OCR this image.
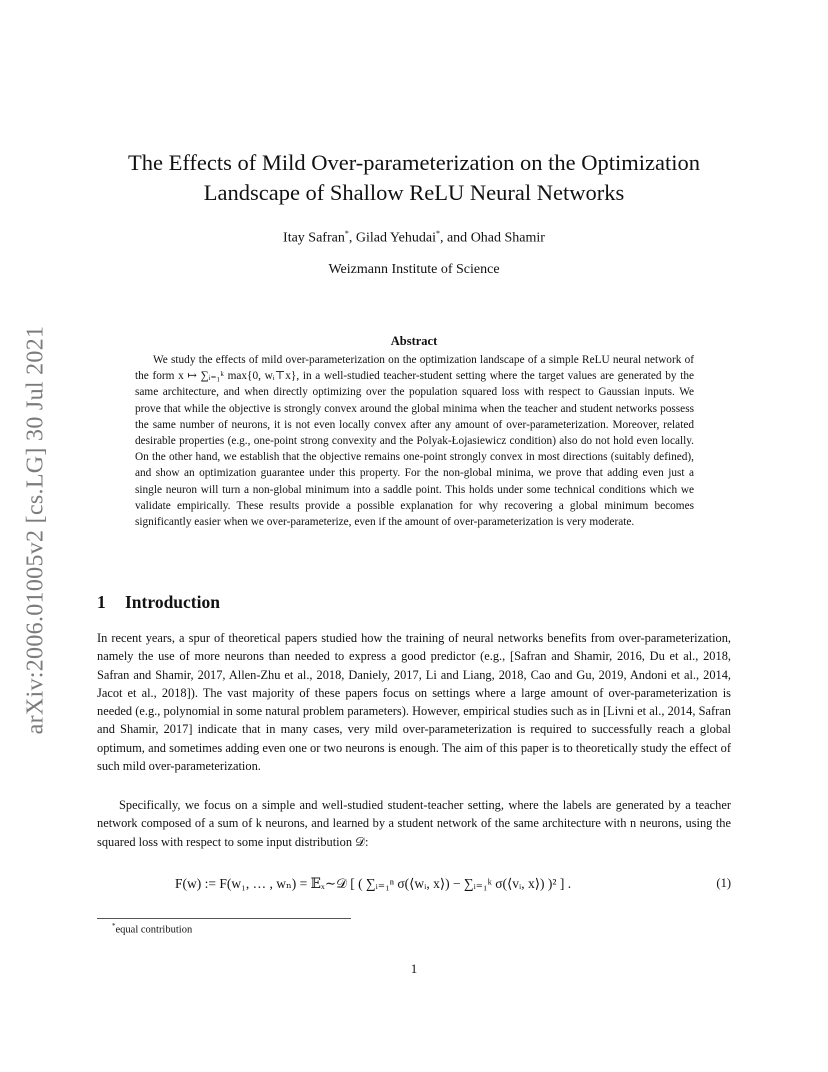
arXiv:2006.01005v2 [cs.LG] 30 Jul 2021
The Effects of Mild Over-parameterization on the Optimization
Landscape of Shallow ReLU Neural Networks
Itay Safran*, Gilad Yehudai*, and Ohad Shamir
Weizmann Institute of Science
Abstract

We study the effects of mild over-parameterization on the optimization landscape of a simple ReLU neural network of the form x ↦ ∑ᵢ₌₁ᵏ max{0, wᵢ⊤x}, in a well-studied teacher-student setting where the target values are generated by the same architecture, and when directly optimizing over the population squared loss with respect to Gaussian inputs. We prove that while the objective is strongly convex around the global minima when the teacher and student networks possess the same number of neurons, it is not even locally convex after any amount of over-parameterization. Moreover, related desirable properties (e.g., one-point strong convexity and the Polyak-Łojasiewicz condition) also do not hold even locally. On the other hand, we establish that the objective remains one-point strongly convex in most directions (suitably defined), and show an optimization guarantee under this property. For the non-global minima, we prove that adding even just a single neuron will turn a non-global minimum into a saddle point. This holds under some technical conditions which we validate empirically. These results provide a possible explanation for why recovering a global minimum becomes significantly easier when we over-parameterize, even if the amount of over-parameterization is very moderate.

1 Introduction

In recent years, a spur of theoretical papers studied how the training of neural networks benefits from over-parameterization, namely the use of more neurons than needed to express a good predictor (e.g., [Safran and Shamir, 2016, Du et al., 2018, Safran and Shamir, 2017, Allen-Zhu et al., 2018, Daniely, 2017, Li and Liang, 2018, Cao and Gu, 2019, Andoni et al., 2014, Jacot et al., 2018]). The vast majority of these papers focus on settings where a large amount of over-parameterization is needed (e.g., polynomial in some natural problem parameters). However, empirical studies such as in [Livni et al., 2014, Safran and Shamir, 2017] indicate that in many cases, very mild over-parameterization is required to successfully reach a global optimum, and sometimes adding even one or two neurons is enough. The aim of this paper is to theoretically study the effect of such mild over-parameterization.

Specifically, we focus on a simple and well-studied student-teacher setting, where the labels are generated by a teacher network composed of a sum of k neurons, and learned by a student network of the same architecture with n neurons, using the squared loss with respect to some input distribution 𝒟:

F(w) := F(w₁, … , wₙ) = 𝔼ₓ∼𝒟 [ ( ∑ᵢ₌₁ⁿ σ(⟨wᵢ, x⟩) − ∑ᵢ₌₁ᵏ σ(⟨vᵢ, x⟩) )² ] .	(1)
*equal contribution
1
